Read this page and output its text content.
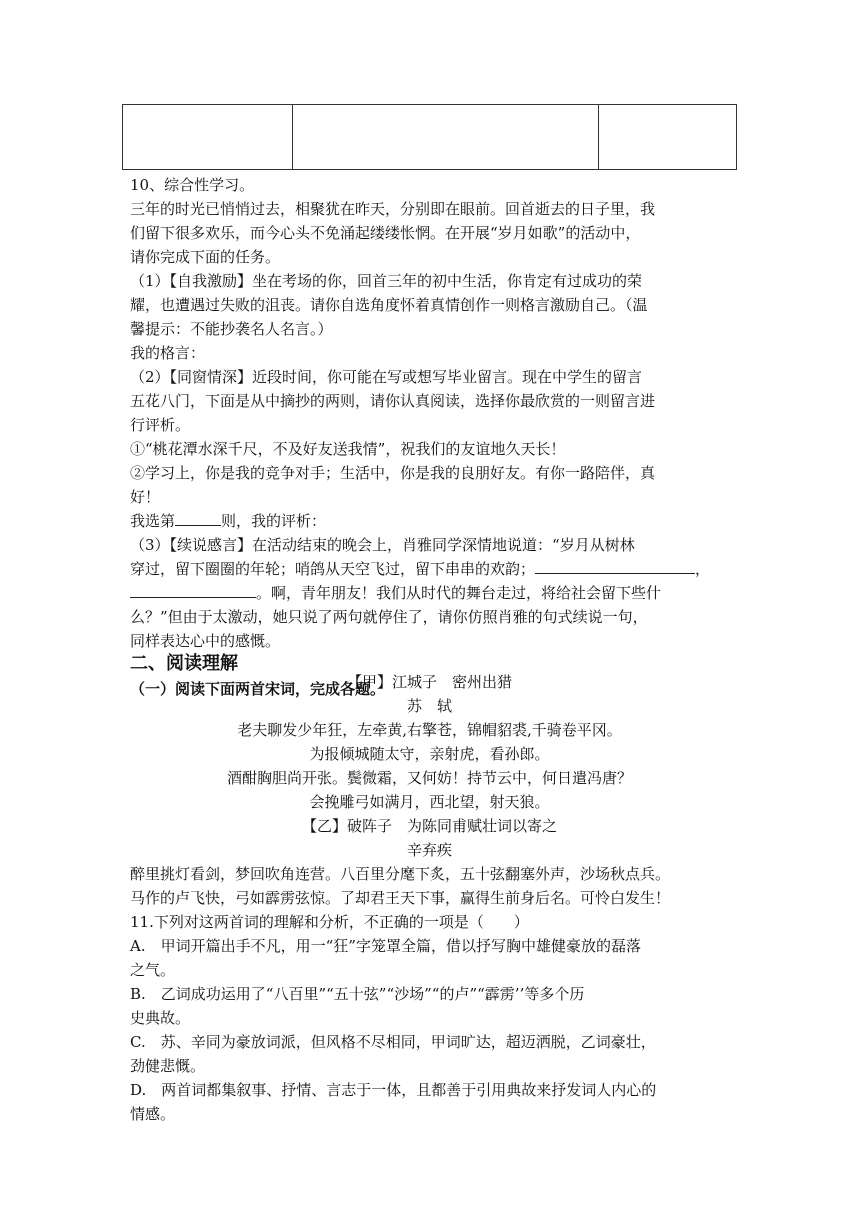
10、综合性学习。
三年的时光已悄悄过去，相聚犹在昨天，分别即在眼前。回首逝去的日子里，我
们留下很多欢乐，而今心头不免涌起缕缕怅惘。在开展“岁月如歌”的活动中，
请你完成下面的任务。
（1）【自我激励】坐在考场的你，回首三年的初中生活，你肯定有过成功的荣
耀，也遭遇过失败的沮丧。请你自选角度怀着真情创作一则格言激励自己。（温
馨提示：不能抄袭名人名言。）
我的格言：
（2）【同窗情深】近段时间，你可能在写或想写毕业留言。现在中学生的留言
五花八门，下面是从中摘抄的两则，请你认真阅读，选择你最欣赏的一则留言进
行评析。
①“桃花潭水深千尺，不及好友送我情”，祝我们的友谊地久天长！
②学习上，你是我的竞争对手；生活中，你是我的良朋好友。有你一路陪伴，真
好！
我选第	则，我的评析：
（3）【续说感言】在活动结束的晚会上，肖雅同学深情地说道：“岁月从树林
穿过，留下圈圈的年轮；哨鸽从天空飞过，留下串串的欢韵；	，
。啊，青年朋友！我们从时代的舞台走过，将给社会留下些什
么？”但由于太激动，她只说了两句就停住了，请你仿照肖雅的句式续说一句，
同样表达心中的感慨。
二、阅读理解
（一）阅读下面两首宋词，完成各题。
【甲】江城子　密州出猎
苏　轼
老夫聊发少年狂，左牵黄,右擎苍，锦帽貂裘,千骑卷平冈。
为报倾城随太守，亲射虎，看孙郎。
酒酣胸胆尚开张。鬓微霜，又何妨！持节云中，何日遣冯唐？
会挽雕弓如满月，西北望，射天狼。
【乙】破阵子　为陈同甫赋壮词以寄之
辛弃疾
醉里挑灯看剑，梦回吹角连营。八百里分麾下炙，五十弦翻塞外声，沙场秋点兵。
马作的卢飞快，弓如霹雳弦惊。了却君王天下事，赢得生前身后名。可怜白发生！
11.下列对这两首词的理解和分析，不正确的一项是（　　）
A.　甲词开篇出手不凡，用一“狂”字笼罩全篇，借以抒写胸中雄健豪放的磊落
之气。
B.　乙词成功运用了“八百里”“五十弦”“沙场”“的卢”“霹雳’’等多个历
史典故。
C.　苏、辛同为豪放词派，但风格不尽相同，甲词旷达，超迈洒脱，乙词豪壮，
劲健悲慨。
D.　两首词都集叙事、抒情、言志于一体，且都善于引用典故来抒发词人内心的
情感。
